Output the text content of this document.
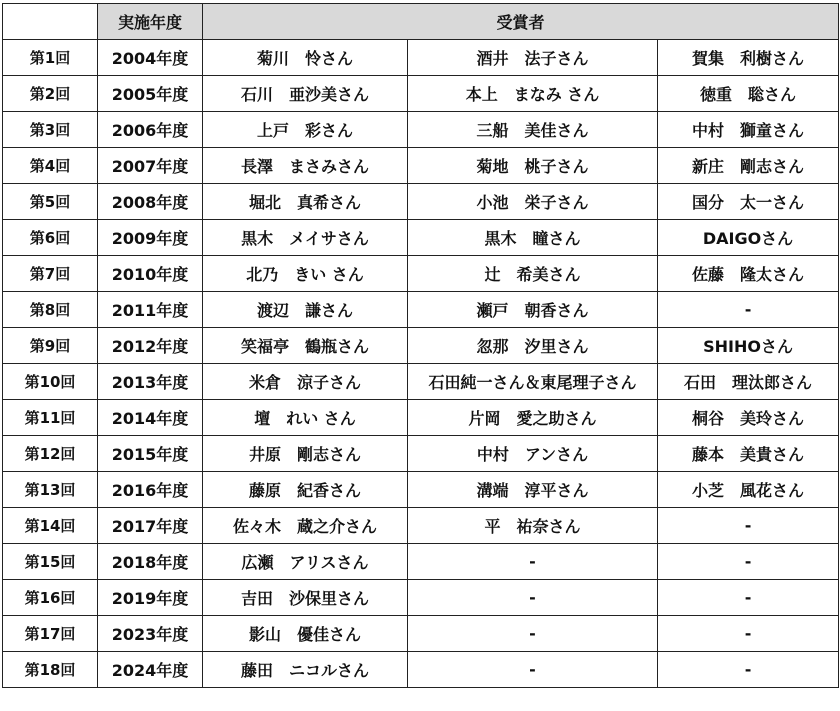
	実施年度	受賞者		
第1回	2004年度	菊川　怜さん	酒井　法子さん	賀集　利樹さん
第2回	2005年度	石川　亜沙美さん	本上　まなみ さん	徳重　聡さん
第3回	2006年度	上戸　彩さん	三船　美佳さん	中村　獅童さん
第4回	2007年度	長澤　まさみさん	菊地　桃子さん	新庄　剛志さん
第5回	2008年度	堀北　真希さん	小池　栄子さん	国分　太一さん
第6回	2009年度	黒木　メイサさん	黒木　瞳さん	DAIGOさん
第7回	2010年度	北乃　きい さん	辻　希美さん	佐藤　隆太さん
第8回	2011年度	渡辺　謙さん	瀬戸　朝香さん	-
第9回	2012年度	笑福亭　鶴瓶さん	忽那　汐里さん	SHIHOさん
第10回	2013年度	米倉　涼子さん	石田純一さん＆東尾理子さん	石田　理汰郎さん
第11回	2014年度	壇　れい さん	片岡　愛之助さん	桐谷　美玲さん
第12回	2015年度	井原　剛志さん	中村　アンさん	藤本　美貴さん
第13回	2016年度	藤原　紀香さん	溝端　淳平さん	小芝　風花さん
第14回	2017年度	佐々木　蔵之介さん	平　祐奈さん	-
第15回	2018年度	広瀬　アリスさん	-	-
第16回	2019年度	吉田　沙保里さん	-	-
第17回	2023年度	影山　優佳さん	-	-
第18回	2024年度	藤田　ニコルさん	-	-
